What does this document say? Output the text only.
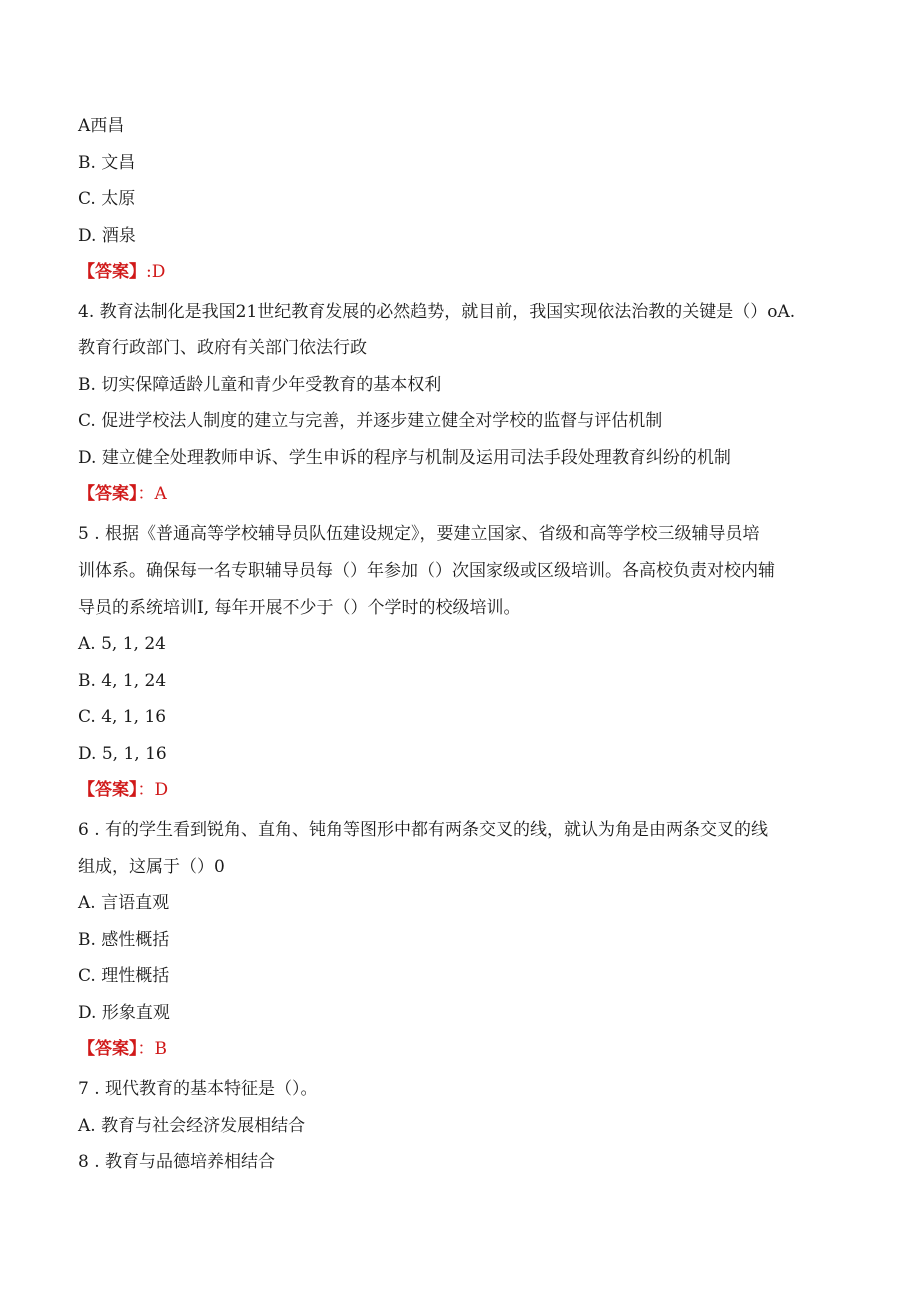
A西昌
B. 文昌
C. 太原
D. 酒泉
【答案】:D
4. 教育法制化是我国21世纪教育发展的必然趋势，就目前，我国实现依法治教的关键是（）oA.
教育行政部门、政府有关部门依法行政
B. 切实保障适龄儿童和青少年受教育的基本权利
C. 促进学校法人制度的建立与完善，并逐步建立健全对学校的监督与评估机制
D. 建立健全处理教师申诉、学生申诉的程序与机制及运用司法手段处理教育纠纷的机制
【答案】：A
5 . 根据《普通高等学校辅导员队伍建设规定》，要建立国家、省级和高等学校三级辅导员培
训体系。确保每一名专职辅导员每（）年参加（）次国家级或区级培训。各高校负责对校内辅
导员的系统培训I, 每年开展不少于（）个学时的校级培训。
A. 5, 1, 24
B. 4, 1, 24
C. 4, 1, 16
D. 5, 1, 16
【答案】：D
6 . 有的学生看到锐角、直角、钝角等图形中都有两条交叉的线，就认为角是由两条交叉的线
组成，这属于（）0
A. 言语直观
B. 感性概括
C. 理性概括
D. 形象直观
【答案】：B
7 . 现代教育的基本特征是（）。
A. 教育与社会经济发展相结合
8 . 教育与品德培养相结合
